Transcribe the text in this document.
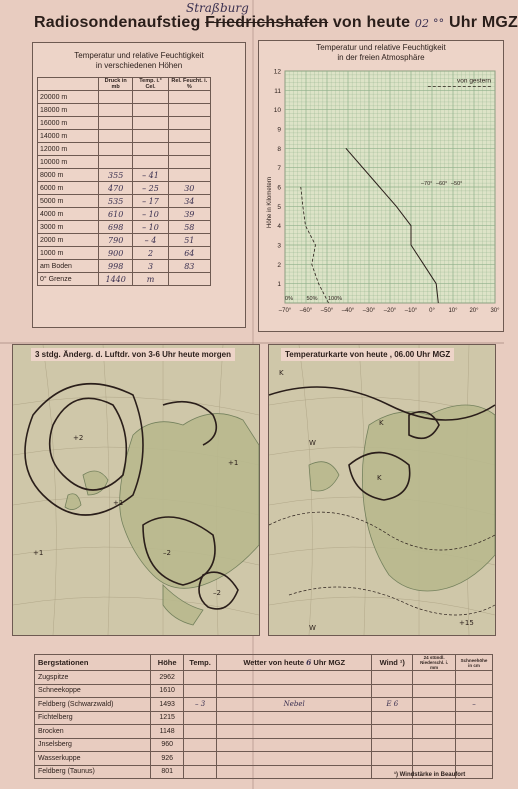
Straßburg
Radiosondenaufstieg Friedrichshafen von heute 02 °° Uhr MGZ
Temperatur und relative Feuchtigkeit
in verschiedenen Höhen
	Druck in mb	Temp. i.° Cel.	Rel. Feucht. i. %
20000 m			
18000 m			
16000 m			
14000 m			
12000 m			
10000 m			
8000 m	355	– 41	
6000 m	470	– 25	30
5000 m	535	– 17	34
4000 m	610	– 10	39
3000 m	698	– 10	58
2000 m	790	– 4	51
1000 m	900	2	64
am Boden	998	3	83
0° Grenze	1440	m	
Temperatur und relative Feuchtigkeit
in der freien Atmosphäre
1
2
3
4
5
6
7
8
9
10
11
12
–70° –60° –50° –40° –30° –20° –10° 0° 10° 20° 30°
–70° –60° –50°
0% 50% 100%
Höhe in Kilometern
von gestern
+2
–2
–2
+1
+1
+1
3 stdg. Änderg. d. Luftdr. von 3-6 Uhr heute morgen
K
K
W
K
W
+15
Temperaturkarte von heute , 06.00 Uhr MGZ
Bergstationen	Höhe	Temp.	Wetter von heute 6 Uhr MGZ	Wind ¹)	24 stündl. Niederschl. i. mm	Schneehöhe in cm
Zugspitze	2962					
Schneekoppe	1610					
Feldberg (Schwarzwald)	1493	– 3	Nebel	E 6		–
Fichtelberg	1215					
Brocken	1148					
Jnselsberg	960					
Wasserkuppe	926					
Feldberg (Taunus)	801						¹) Windstärke in Beaufort
